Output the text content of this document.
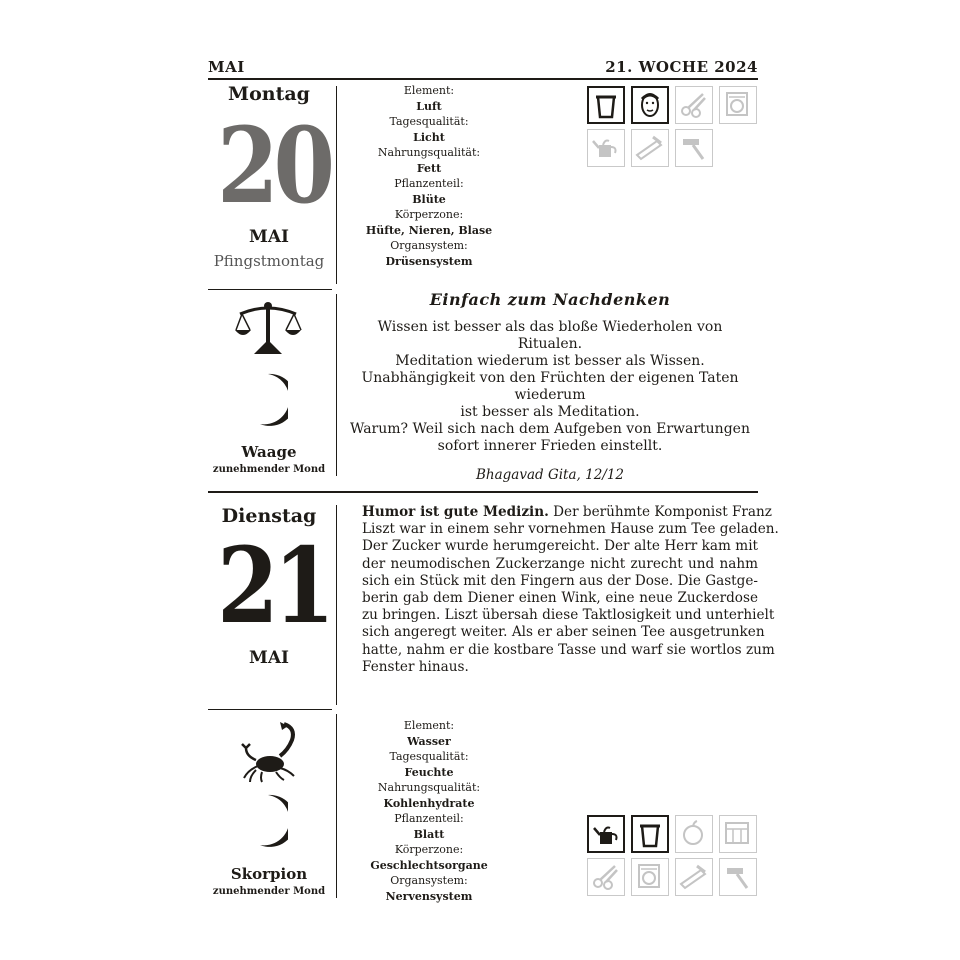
MAI	21. WOCHE 2024
Montag
20
MAI
Pfingstmontag
Element:
Luft
Tagesqualität:
Licht
Nahrungsqualität:
Fett
Pflanzenteil:
Blüte
Körperzone:
Hüfte, Nieren, Blase
Organsystem:
Drüsensystem
Waage
zunehmender Mond
Einfach zum Nachdenken
Wissen ist besser als das bloße Wiederholen von Ritualen.
Meditation wiederum ist besser als Wissen.
Unabhängigkeit von den Früchten der eigenen Taten
wiederum
ist besser als Meditation.
Warum? Weil sich nach dem Aufgeben von Erwartungen
sofort innerer Frieden einstellt.
Bhagavad Gita, 12/12
Dienstag
21
MAI
Humor ist gute Medizin. Der berühmte Komponist Franz
Liszt war in einem sehr vornehmen Hause zum Tee geladen.
Der Zucker wurde herumgereicht. Der alte Herr kam mit
der neumodischen Zuckerzange nicht zurecht und nahm
sich ein Stück mit den Fingern aus der Dose. Die Gastge-
berin gab dem Diener einen Wink, eine neue Zuckerdose
zu bringen. Liszt übersah diese Taktlosigkeit und unterhielt
sich angeregt weiter. Als er aber seinen Tee ausgetrunken
hatte, nahm er die kostbare Tasse und warf sie wortlos zum
Fenster hinaus.
Skorpion
zunehmender Mond
Element:
Wasser
Tagesqualität:
Feuchte
Nahrungsqualität:
Kohlenhydrate
Pflanzenteil:
Blatt
Körperzone:
Geschlechtsorgane
Organsystem:
Nervensystem
